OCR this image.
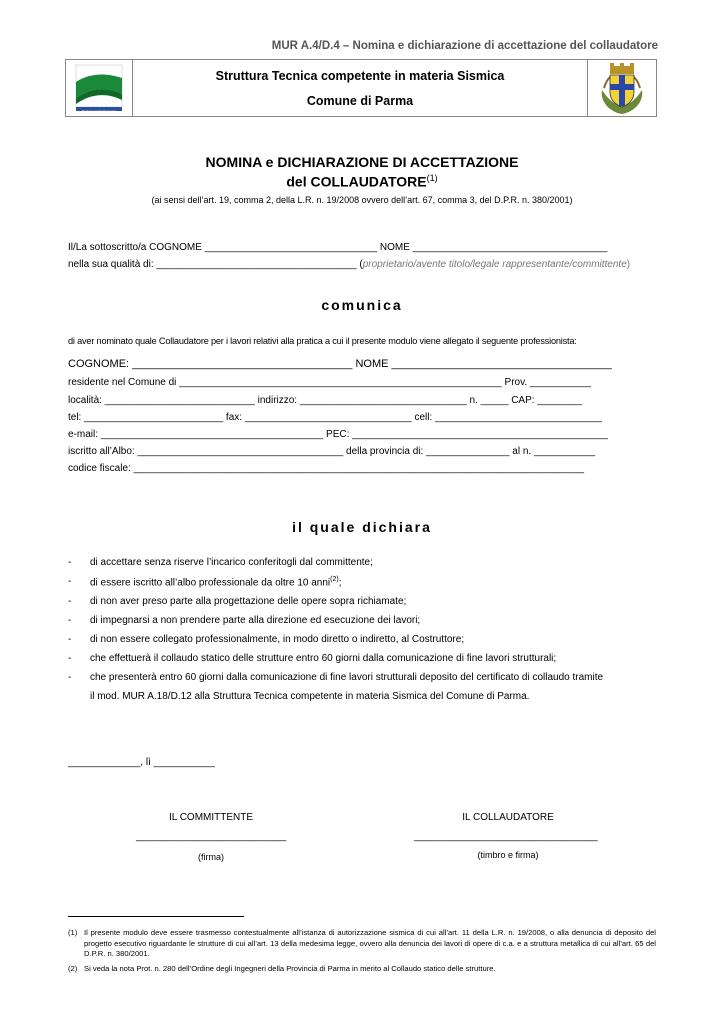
MUR A.4/D.4 – Nomina e dichiarazione di accettazione del collaudatore
Regione Emilia-Romagna
Struttura Tecnica competente in materia Sismica
Comune di Parma
NOMINA e DICHIARAZIONE DI ACCETTAZIONE
del COLLAUDATORE$^{(1)}$
(ai sensi dell’art. 19, comma 2, della L.R. n. 19/2008 ovvero dell’art. 67, comma 3, del D.P.R. n. 380/2001)
Il/La sottoscritto/a COGNOME _______________________________ NOME ___________________________________
nella sua qualità di: ____________________________________ (proprietario/avente titolo/legale rappresentante/committente)
comunica
di aver nominato quale Collaudatore per i lavori relativi alla pratica a cui il presente modulo viene allegato il seguente professionista:
COGNOME: ____________________________________ NOME ____________________________________
residente nel Comune di __________________________________________________________ Prov. ___________
località: ___________________________ indirizzo: ______________________________ n. _____ CAP: ________
tel: _________________________ fax: ______________________________ cell: ______________________________
e-mail: ________________________________________ PEC: ______________________________________________
iscritto all’Albo: _____________________________________ della provincia di: _______________ al n. ___________
codice fiscale: _________________________________________________________________________________
il quale dichiara
- di accettare senza riserve l’incarico conferitogli dal committente;
- di essere iscritto all’albo professionale da oltre 10 anni$^{(2)}$;
- di non aver preso parte alla progettazione delle opere sopra richiamate;
- di impegnarsi a non prendere parte alla direzione ed esecuzione dei lavori;
- di non essere collegato professionalmente, in modo diretto o indiretto, al Costruttore;
- che effettuerà il collaudo statico delle strutture entro 60 giorni dalla comunicazione di fine lavori strutturali;
- che presenterà entro 60 giorni dalla comunicazione di fine lavori strutturali deposito del certificato di collaudo tramite
il mod. MUR A.18/D.12 alla Struttura Tecnica competente in materia Sismica del Comune di Parma.
_____________, lì ___________
IL COMMITTENTE
___________________________
(firma)
IL COLLAUDATORE
_________________________________
(timbro e firma)
(1) Il presente modulo deve essere trasmesso contestualmente all’istanza di autorizzazione sismica di cui all’art. 11 della L.R. n. 19/2008, o alla denuncia di deposito del progetto esecutivo riguardante le strutture di cui all’art. 13 della medesima legge, ovvero alla denuncia dei lavori di opere di c.a. e a struttura metallica di cui all’art. 65 del D.P.R. n. 380/2001.
(2) Si veda la nota Prot. n. 280 dell’Ordine degli Ingegneri della Provincia di Parma in merito al Collaudo statico delle strutture.
